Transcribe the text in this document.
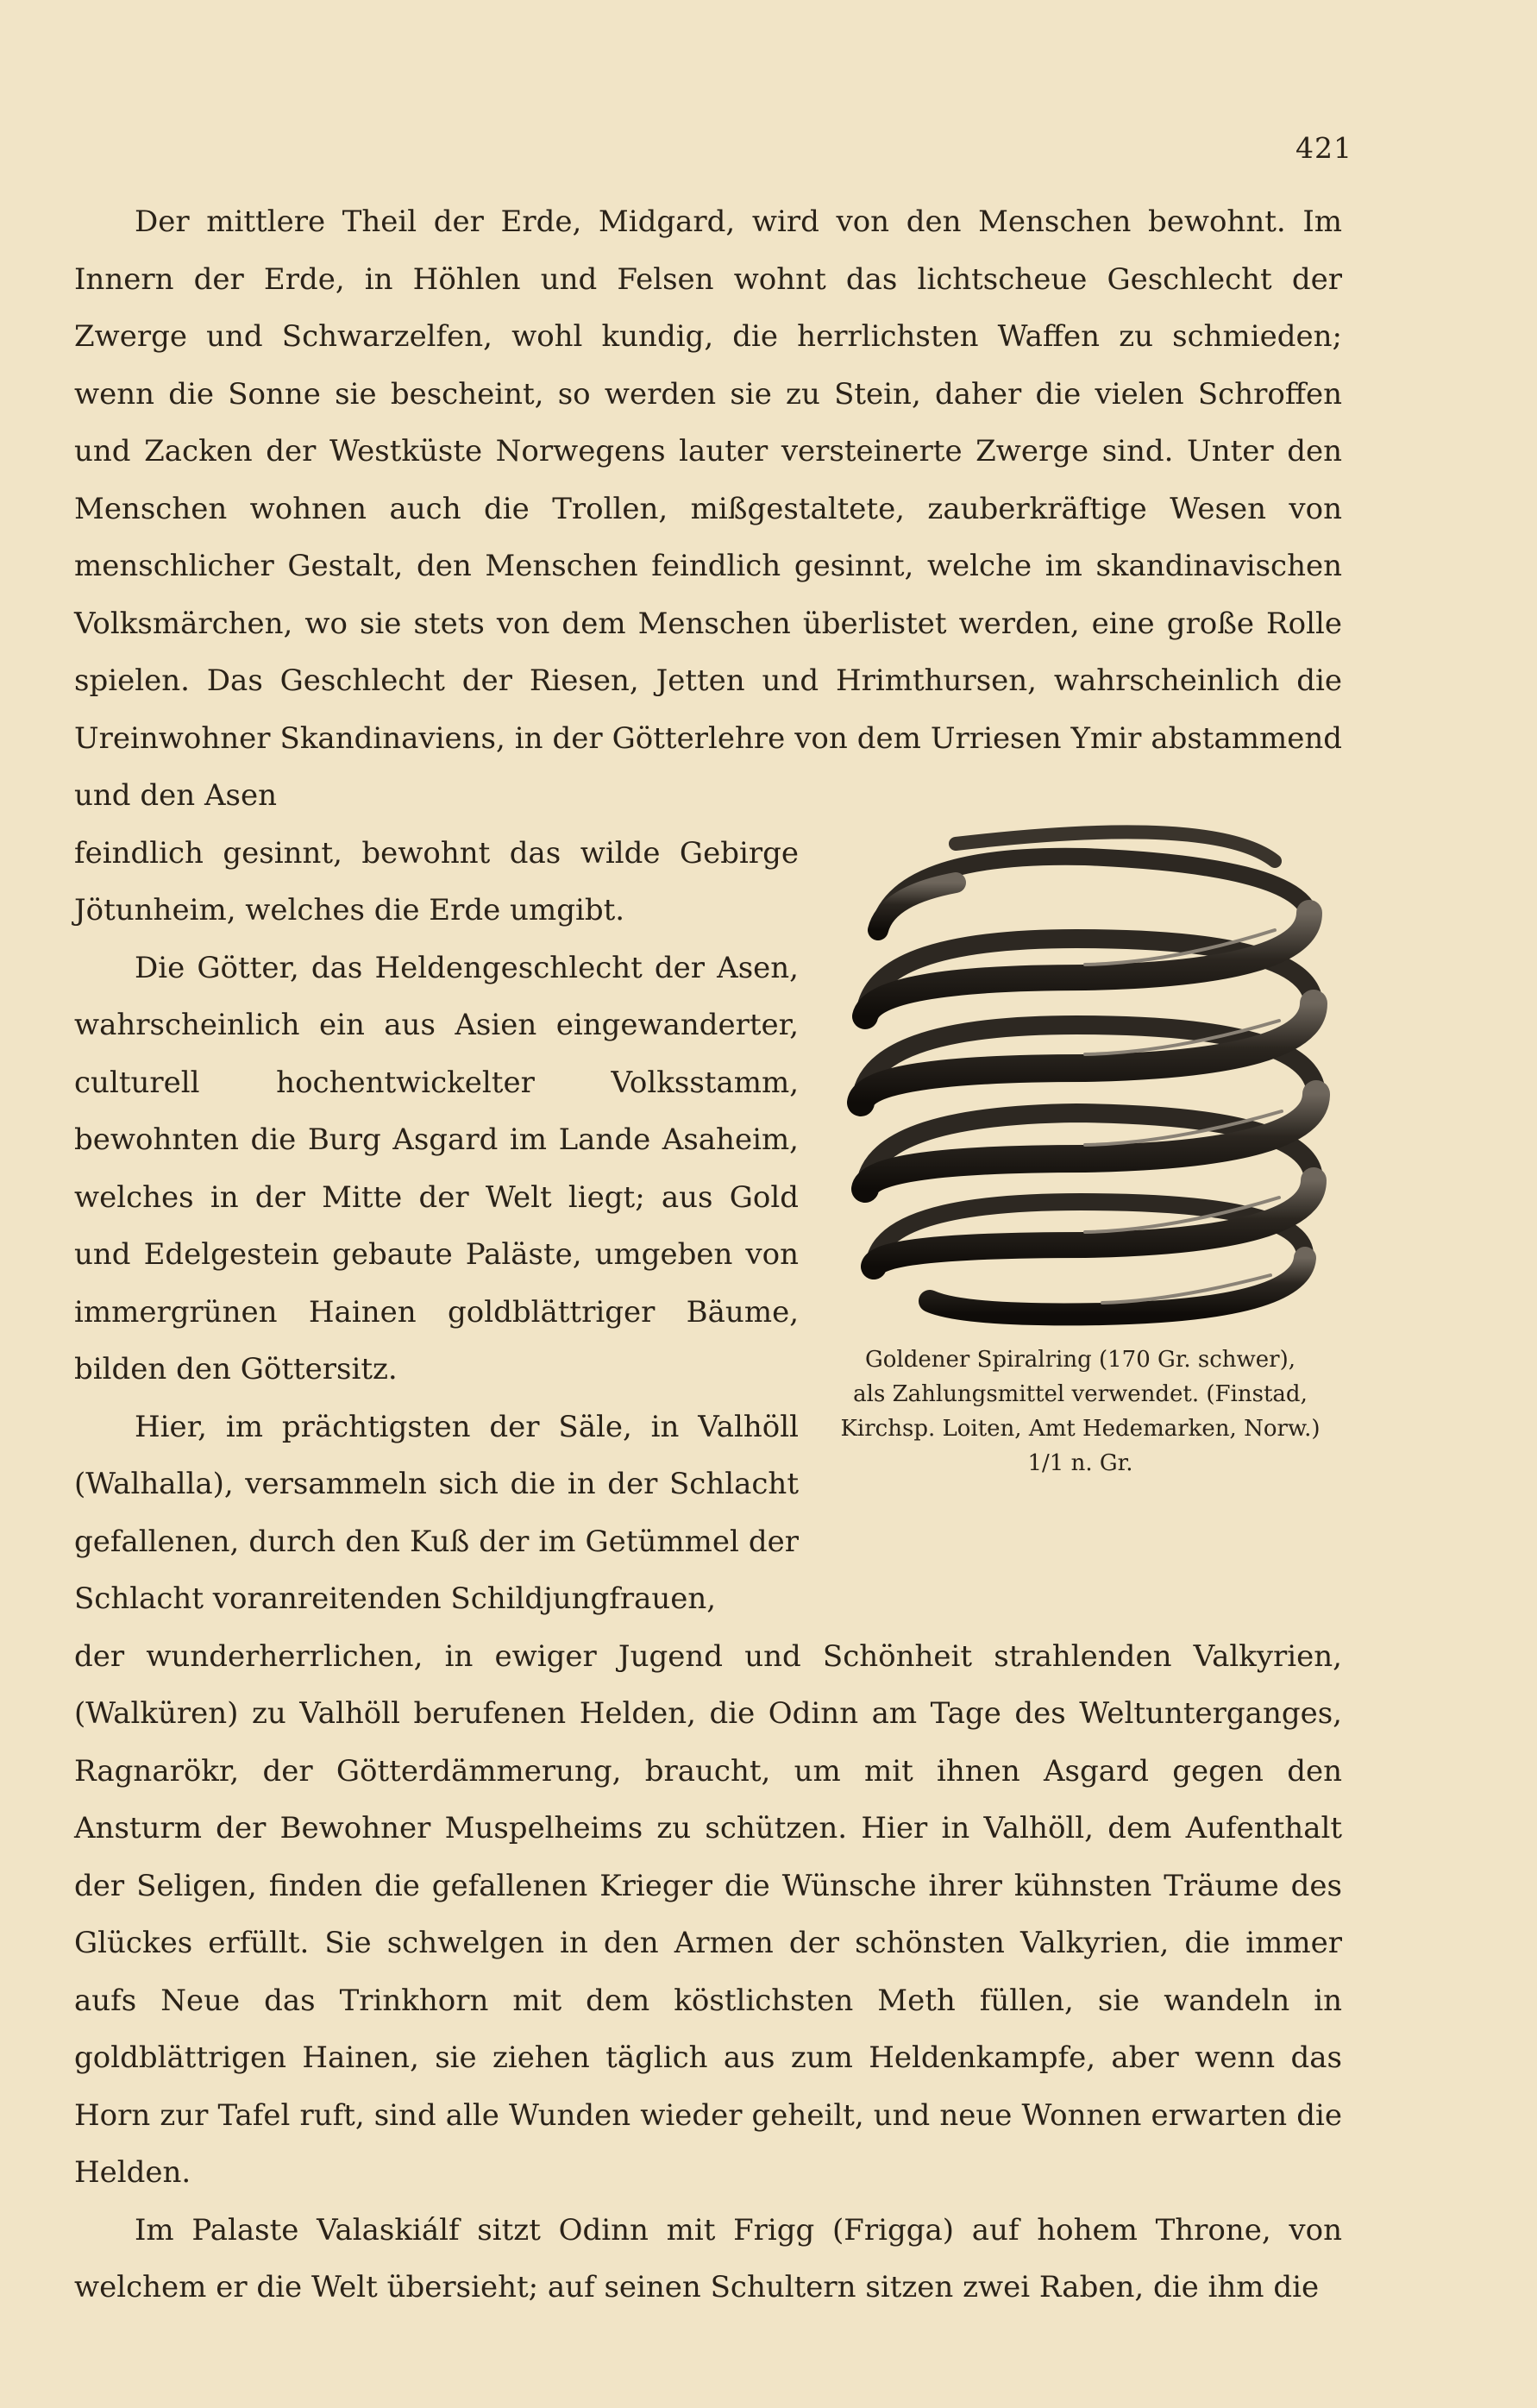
421

Der mittlere Theil der Erde, Midgard, wird von den Menschen bewohnt. Im Innern der Erde, in Höhlen und Felsen wohnt das lichtscheue Geschlecht der Zwerge und Schwarzelfen, wohl kundig, die herrlichsten Waffen zu schmieden; wenn die Sonne sie bescheint, so werden sie zu Stein, daher die vielen Schroffen und Zacken der Westküste Norwegens lauter versteinerte Zwerge sind. Unter den Menschen wohnen auch die Trollen, mißgestaltete, zauberkräftige Wesen von menschlicher Gestalt, den Menschen feindlich gesinnt, welche im skandinavischen Volksmärchen, wo sie stets von dem Menschen überlistet werden, eine große Rolle spielen. Das Geschlecht der Riesen, Jetten und Hrimthursen, wahrscheinlich die Ureinwohner Skandinaviens, in der Götterlehre von dem Urriesen Ymir abstammend und den Asen

feindlich gesinnt, bewohnt das wilde Gebirge Jötunheim, welches die Erde umgibt.

Die Götter, das Heldengeschlecht der Asen, wahrscheinlich ein aus Asien eingewanderter, culturell hochentwickelter Volksstamm, bewohnten die Burg Asgard im Lande Asaheim, welches in der Mitte der Welt liegt; aus Gold und Edelgestein gebaute Paläste, umgeben von immergrünen Hainen goldblättriger Bäume, bilden den Göttersitz.

Hier, im prächtigsten der Säle, in Valhöll (Walhalla), versammeln sich die in der Schlacht gefallenen, durch den Kuß der im Getümmel der Schlacht voranreitenden Schildjungfrauen,

der wunderherrlichen, in ewiger Jugend und Schönheit strahlenden Valkyrien, (Walküren) zu Valhöll berufenen Helden, die Odinn am Tage des Weltunterganges, Ragnarökr, der Götterdämmerung, braucht, um mit ihnen Asgard gegen den Ansturm der Bewohner Muspelheims zu schützen. Hier in Valhöll, dem Aufenthalt der Seligen, finden die gefallenen Krieger die Wünsche ihrer kühnsten Träume des Glückes erfüllt. Sie schwelgen in den Armen der schönsten Valkyrien, die immer aufs Neue das Trinkhorn mit dem köstlichsten Meth füllen, sie wandeln in goldblättrigen Hainen, sie ziehen täglich aus zum Heldenkampfe, aber wenn das Horn zur Tafel ruft, sind alle Wunden wieder geheilt, und neue Wonnen erwarten die Helden.

Im Palaste Valaskiálf sitzt Odinn mit Frigg (Frigga) auf hohem Throne, von welchem er die Welt übersieht; auf seinen Schultern sitzen zwei Raben, die ihm die

Goldener Spiralring (170 Gr. schwer),
als Zahlungsmittel verwendet. (Finstad,
Kirchsp. Loiten, Amt Hedemarken, Norw.)
1/1 n. Gr.
